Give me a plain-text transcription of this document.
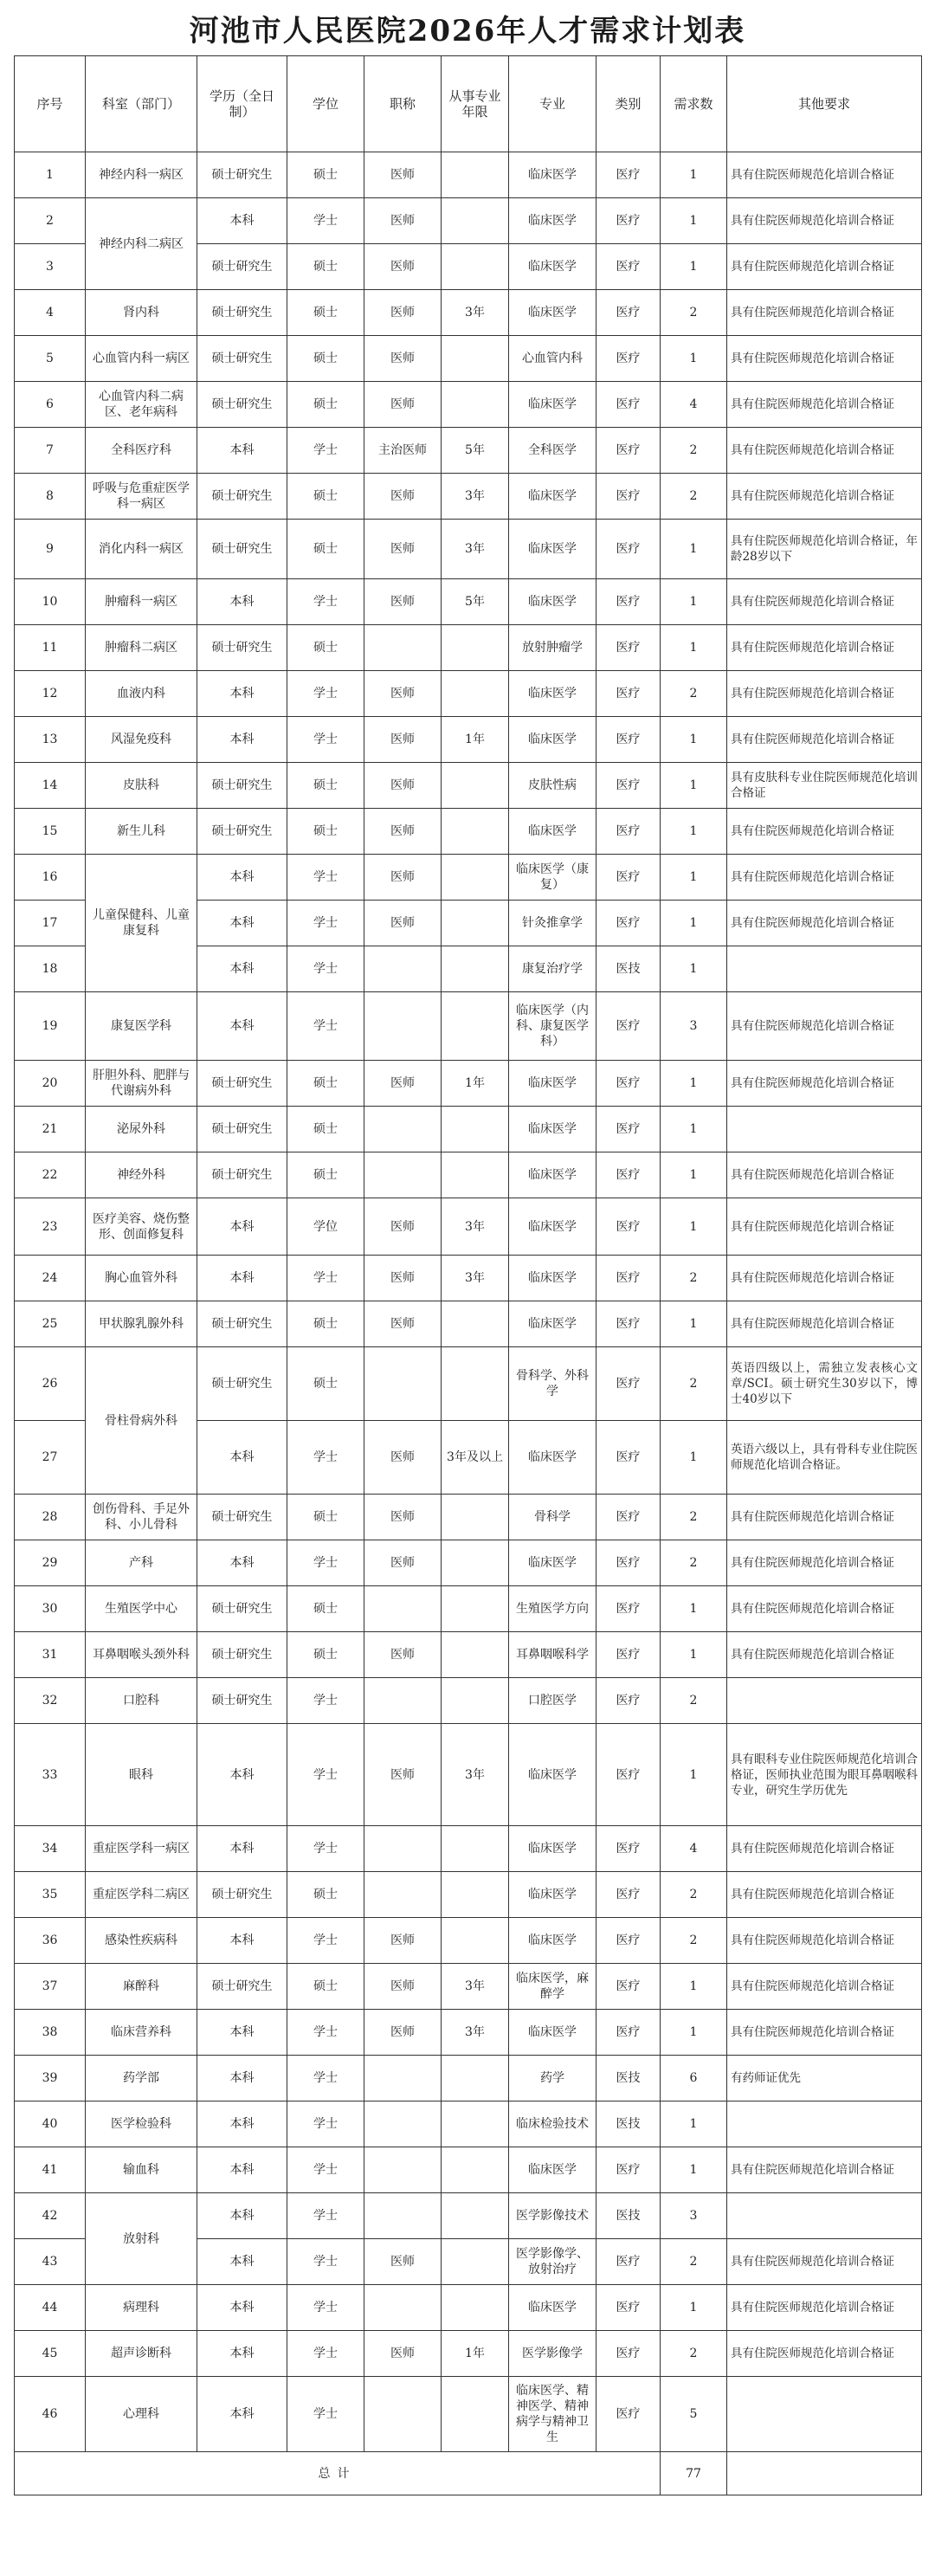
河池市人民医院2026年人才需求计划表
序号	科室（部门）	学历（全日制）	学位	职称	从事专业年限	专业	类别	需求数	其他要求
1	神经内科一病区	硕士研究生	硕士	医师		临床医学	医疗	1	具有住院医师规范化培训合格证
2	神经内科二病区	本科	学士	医师		临床医学	医疗	1	具有住院医师规范化培训合格证
3		硕士研究生	硕士	医师		临床医学	医疗	1	具有住院医师规范化培训合格证
4	肾内科	硕士研究生	硕士	医师	3年	临床医学	医疗	2	具有住院医师规范化培训合格证
5	心血管内科一病区	硕士研究生	硕士	医师		心血管内科	医疗	1	具有住院医师规范化培训合格证
6	心血管内科二病区、老年病科	硕士研究生	硕士	医师		临床医学	医疗	4	具有住院医师规范化培训合格证
7	全科医疗科	本科	学士	主治医师	5年	全科医学	医疗	2	具有住院医师规范化培训合格证
8	呼吸与危重症医学科一病区	硕士研究生	硕士	医师	3年	临床医学	医疗	2	具有住院医师规范化培训合格证
9	消化内科一病区	硕士研究生	硕士	医师	3年	临床医学	医疗	1	具有住院医师规范化培训合格证，年龄28岁以下
10	肿瘤科一病区	本科	学士	医师	5年	临床医学	医疗	1	具有住院医师规范化培训合格证
11	肿瘤科二病区	硕士研究生	硕士			放射肿瘤学	医疗	1	具有住院医师规范化培训合格证
12	血液内科	本科	学士	医师		临床医学	医疗	2	具有住院医师规范化培训合格证
13	风湿免疫科	本科	学士	医师	1年	临床医学	医疗	1	具有住院医师规范化培训合格证
14	皮肤科	硕士研究生	硕士	医师		皮肤性病	医疗	1	具有皮肤科专业住院医师规范化培训合格证
15	新生儿科	硕士研究生	硕士	医师		临床医学	医疗	1	具有住院医师规范化培训合格证
16	儿童保健科、儿童康复科	本科	学士	医师		临床医学（康复）	医疗	1	具有住院医师规范化培训合格证
17		本科	学士	医师		针灸推拿学	医疗	1	具有住院医师规范化培训合格证
18		本科	学士			康复治疗学	医技	1	
19	康复医学科	本科	学士			临床医学（内科、康复医学科）	医疗	3	具有住院医师规范化培训合格证
20	肝胆外科、肥胖与代谢病外科	硕士研究生	硕士	医师	1年	临床医学	医疗	1	具有住院医师规范化培训合格证
21	泌尿外科	硕士研究生	硕士			临床医学	医疗	1	
22	神经外科	硕士研究生	硕士			临床医学	医疗	1	具有住院医师规范化培训合格证
23	医疗美容、烧伤整形、创面修复科	本科	学位	医师	3年	临床医学	医疗	1	具有住院医师规范化培训合格证
24	胸心血管外科	本科	学士	医师	3年	临床医学	医疗	2	具有住院医师规范化培训合格证
25	甲状腺乳腺外科	硕士研究生	硕士	医师		临床医学	医疗	1	具有住院医师规范化培训合格证
26	骨柱骨病外科	硕士研究生	硕士			骨科学、外科学	医疗	2	英语四级以上，需独立发表核心文章/SCI。硕士研究生30岁以下，博士40岁以下
27		本科	学士	医师	3年及以上	临床医学	医疗	1	英语六级以上，具有骨科专业住院医师规范化培训合格证。
28	创伤骨科、手足外科、小儿骨科	硕士研究生	硕士	医师		骨科学	医疗	2	具有住院医师规范化培训合格证
29	产科	本科	学士	医师		临床医学	医疗	2	具有住院医师规范化培训合格证
30	生殖医学中心	硕士研究生	硕士			生殖医学方向	医疗	1	具有住院医师规范化培训合格证
31	耳鼻咽喉头颈外科	硕士研究生	硕士	医师		耳鼻咽喉科学	医疗	1	具有住院医师规范化培训合格证
32	口腔科	硕士研究生	学士			口腔医学	医疗	2	
33	眼科	本科	学士	医师	3年	临床医学	医疗	1	具有眼科专业住院医师规范化培训合格证，医师执业范围为眼耳鼻咽喉科专业，研究生学历优先
34	重症医学科一病区	本科	学士			临床医学	医疗	4	具有住院医师规范化培训合格证
35	重症医学科二病区	硕士研究生	硕士			临床医学	医疗	2	具有住院医师规范化培训合格证
36	感染性疾病科	本科	学士	医师		临床医学	医疗	2	具有住院医师规范化培训合格证
37	麻醉科	硕士研究生	硕士	医师	3年	临床医学，麻醉学	医疗	1	具有住院医师规范化培训合格证
38	临床营养科	本科	学士	医师	3年	临床医学	医疗	1	具有住院医师规范化培训合格证
39	药学部	本科	学士			药学	医技	6	有药师证优先
40	医学检验科	本科	学士			临床检验技术	医技	1	
41	输血科	本科	学士			临床医学	医疗	1	具有住院医师规范化培训合格证
42	放射科	本科	学士			医学影像技术	医技	3	
43		本科	学士	医师		医学影像学、放射治疗	医疗	2	具有住院医师规范化培训合格证
44	病理科	本科	学士			临床医学	医疗	1	具有住院医师规范化培训合格证
45	超声诊断科	本科	学士	医师	1年	医学影像学	医疗	2	具有住院医师规范化培训合格证
46	心理科	本科	学士			临床医学、精神医学、精神病学与精神卫生	医疗	5	
总计								77	
